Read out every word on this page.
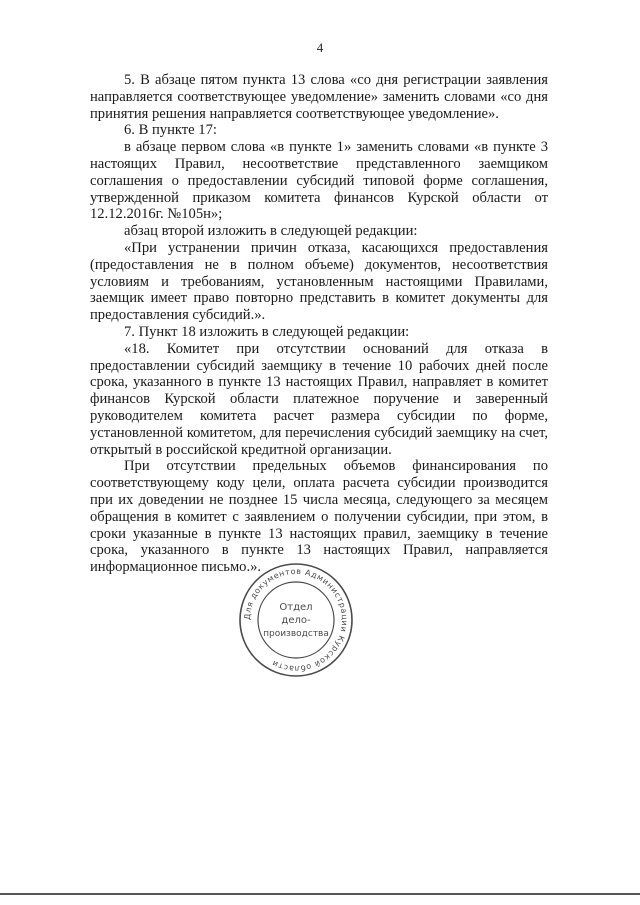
4

5. В абзаце пятом пункта 13 слова «со дня регистрации заявления направляется соответствующее уведомление» заменить словами «со дня принятия решения направляется соответствующее уведомление».

6. В пункте 17:

в абзаце первом слова «в пункте 1» заменить словами «в пункте 3 настоящих Правил, несоответствие представленного заемщиком соглашения о предоставлении субсидий типовой форме соглашения, утвержденной приказом комитета финансов Курской области от 12.12.2016г. №105н»;

абзац второй изложить в следующей редакции:

«При устранении причин отказа, касающихся предоставления (предоставления не в полном объеме) документов, несоответствия условиям и требованиям, установленным настоящими Правилами, заемщик имеет право повторно представить в комитет документы для предоставления субсидий.».

7. Пункт 18 изложить в следующей редакции:

«18. Комитет при отсутствии оснований для отказа в предоставлении субсидий заемщику в течение 10 рабочих дней после срока, указанного в пункте 13 настоящих Правил, направляет в комитет финансов Курской области платежное поручение и заверенный руководителем комитета расчет размера субсидии по форме, установленной комитетом, для перечисления субсидий заемщику на счет, открытый в российской кредитной организации.

При отсутствии предельных объемов финансирования по соответствующему коду цели, оплата расчета субсидии производится при их доведении не позднее 15 числа месяца, следующего за месяцем обращения в комитет с заявлением о получении субсидии, при этом, в сроки указанные в пункте 13 настоящих правил, заемщику в течение срока, указанного в пункте 13 настоящих Правил, направляется информационное письмо.».

Для документов Администрации Курской области
Отдел
дело-
производства
